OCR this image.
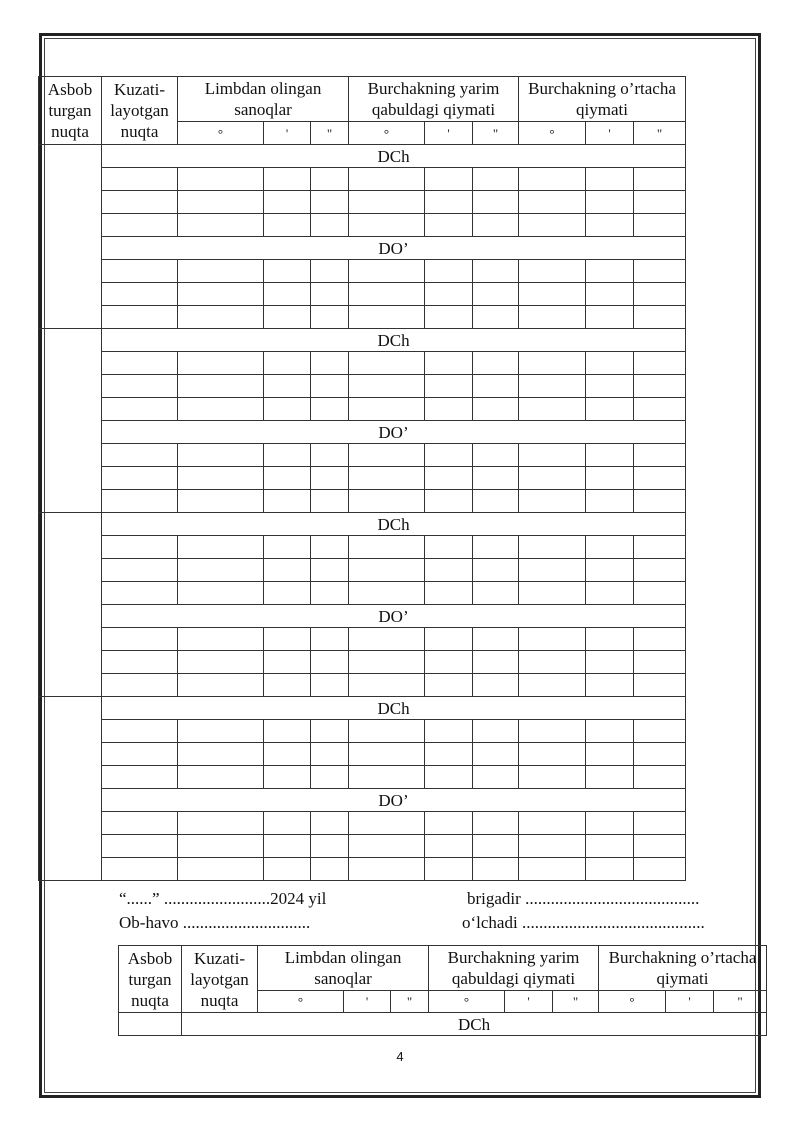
Asbob turgan nuqta	Kuzati-layotgan nuqta	Limbdan olingan sanoqlar			Burchakning yarim qabuldagi qiymati			Burchakning o’rtacha qiymati		
		°	'	"	°	'	"	°	'	"
	DCh									

	DO’									

	DCh									

	DO’									

	DCh									

	DO’									

	DCh									

	DO’									

“......” .........................2024 yil	brigadir .........................................
Ob-havo ..............................	o‘lchadi ...........................................
Asbob turgan nuqta	Kuzati-layotgan nuqta	Limbdan olingan sanoqlar			Burchakning yarim qabuldagi qiymati			Burchakning o’rtacha qiymati		
		°	'	"	°	'	"	°	'	"
	DCh									
4
